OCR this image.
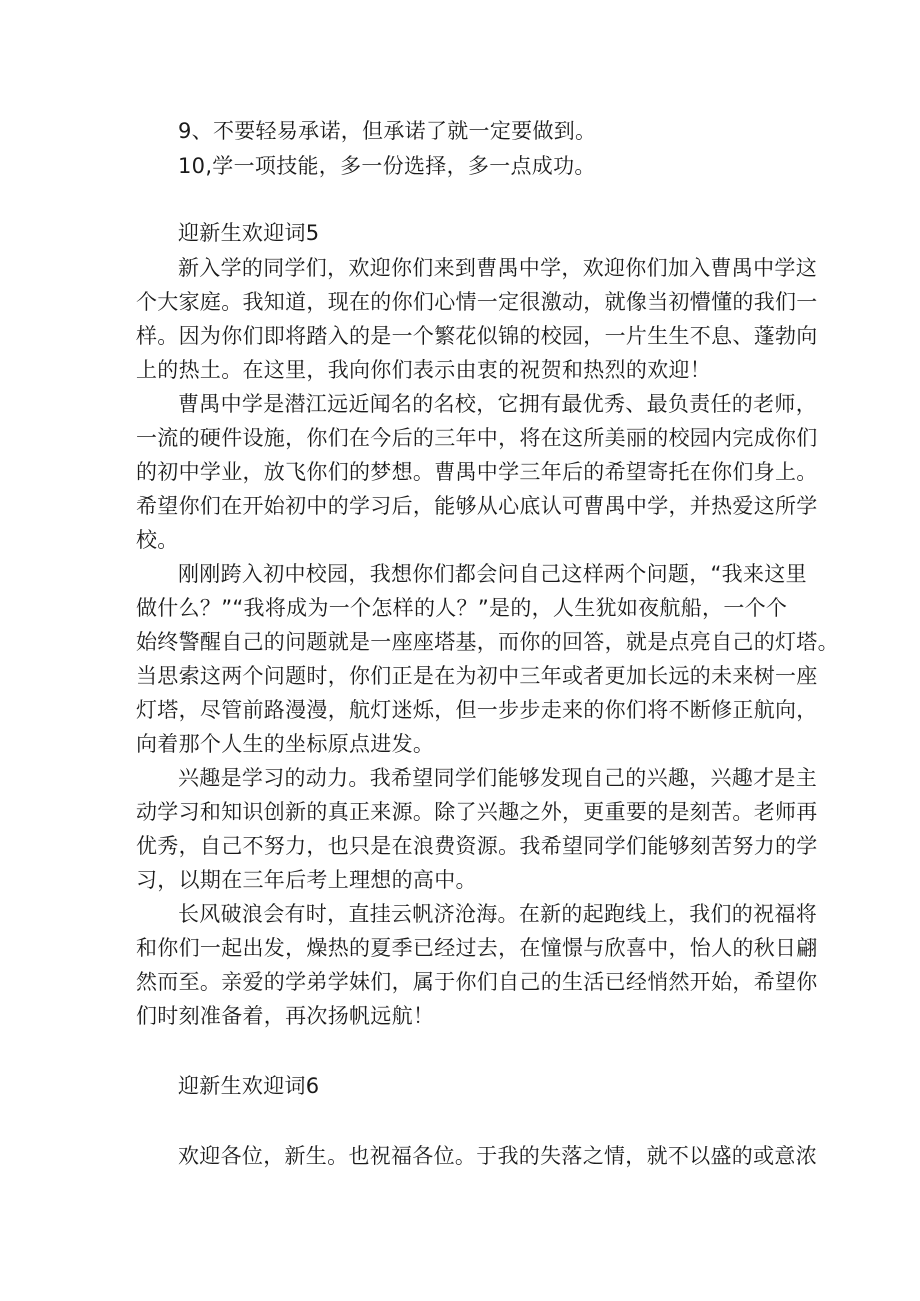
9、不要轻易承诺，但承诺了就一定要做到。
10,学一项技能，多一份选择，多一点成功。
迎新生欢迎词5
新入学的同学们，欢迎你们来到曹禺中学，欢迎你们加入曹禺中学这
个大家庭。我知道，现在的你们心情一定很激动，就像当初懵懂的我们一
样。因为你们即将踏入的是一个繁花似锦的校园，一片生生不息、蓬勃向
上的热土。在这里，我向你们表示由衷的祝贺和热烈的欢迎！
曹禺中学是潜江远近闻名的名校，它拥有最优秀、最负责任的老师，
一流的硬件设施，你们在今后的三年中，将在这所美丽的校园内完成你们
的初中学业，放飞你们的梦想。曹禺中学三年后的希望寄托在你们身上。
希望你们在开始初中的学习后，能够从心底认可曹禺中学，并热爱这所学
校。
刚刚跨入初中校园，我想你们都会问自己这样两个问题，“我来这里
做什么？”“我将成为一个怎样的人？”是的，人生犹如夜航船，一个个
始终警醒自己的问题就是一座座塔基，而你的回答，就是点亮自己的灯塔。
当思索这两个问题时，你们正是在为初中三年或者更加长远的未来树一座
灯塔，尽管前路漫漫，航灯迷烁，但一步步走来的你们将不断修正航向，
向着那个人生的坐标原点进发。
兴趣是学习的动力。我希望同学们能够发现自己的兴趣，兴趣才是主
动学习和知识创新的真正来源。除了兴趣之外，更重要的是刻苦。老师再
优秀，自己不努力，也只是在浪费资源。我希望同学们能够刻苦努力的学
习，以期在三年后考上理想的高中。
长风破浪会有时，直挂云帆济沧海。在新的起跑线上，我们的祝福将
和你们一起出发，燥热的夏季已经过去，在憧憬与欣喜中，怡人的秋日翩
然而至。亲爱的学弟学妹们，属于你们自己的生活已经悄然开始，希望你
们时刻准备着，再次扬帆远航！
迎新生欢迎词6
欢迎各位，新生。也祝福各位。于我的失落之情，就不以盛的或意浓
